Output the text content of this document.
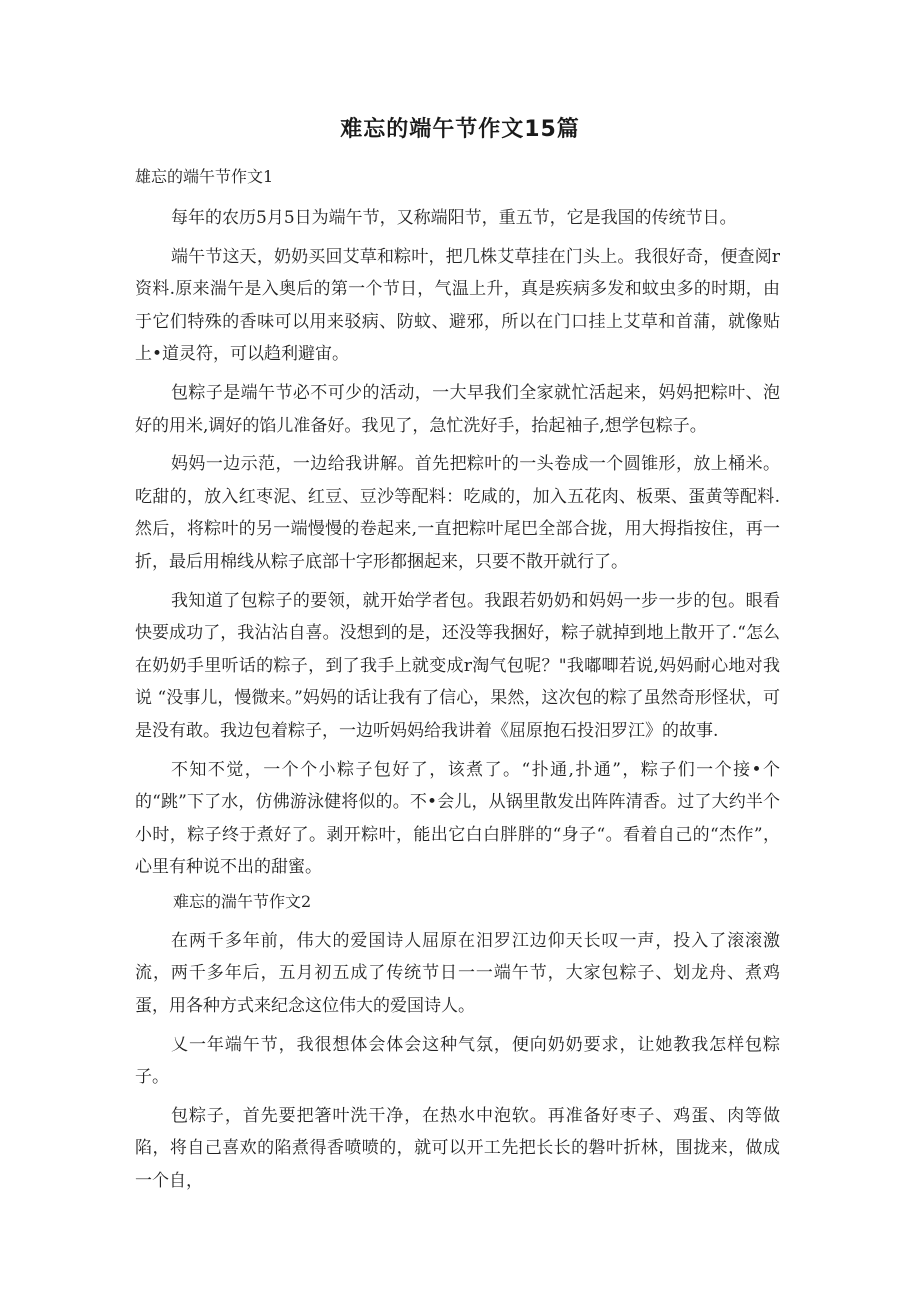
难忘的端午节作文15篇
雄忘的端午节作文1

每年的农历5月5日为端午节，又称端阳节，重五节，它是我国的传统节日。

端午节这天，奶奶买回艾草和粽叶，把几株艾草挂在门头上。我很好奇，便查阅r资料.原来湍午是入奥后的第一个节日，气温上升，真是疾病多发和蚊虫多的时期，由于它们特殊的香味可以用来驳病、防蚊、避邪，所以在门口挂上艾草和首蒲，就像贴上•道灵符，可以趋利避宙。

包粽子是端午节必不可少的活动，一大早我们全家就忙活起来，妈妈把粽叶、泡好的用米,调好的馅儿准备好。我见了，急忙洗好手，抬起袖子,想学包粽子。

妈妈一边示范，一边给我讲解。首先把粽叶的一头卷成一个圆锥形，放上桶米。吃甜的，放入红枣泥、红豆、豆沙等配料：吃咸的，加入五花肉、板栗、蛋黄等配料.然后，将粽叶的另一端慢慢的卷起来,一直把粽叶尾巴全部合拢，用大拇指按住，再一折，最后用棉线从粽子底部十字形都捆起来，只要不散开就行了。

我知道了包粽子的要领，就开始学者包。我跟若奶奶和妈妈一步一步的包。眼看快要成功了，我沾沾自喜。没想到的是，还没等我捆好，粽子就掉到地上散开了.“怎么在奶奶手里听话的粽子，到了我手上就变成r淘气包呢？"我嘟唧若说,妈妈耐心地对我说 “没事儿，慢微来。”妈妈的话让我有了信心，果然，这次包的粽了虽然奇形怪状，可是没有敢。我边包着粽子，一边听妈妈给我讲着《屈原抱石投汨罗江》的故事.

不知不觉，一个个小粽子包好了，该煮了。“扑通,扑通”，粽子们一个接•个的“跳”下了水，仿佛游泳健将似的。不•会儿，从锅里散发出阵阵清香。过了大约半个小时，粽子终于煮好了。剥开粽叶，能出它白白胖胖的“身子“。看着自己的“杰作”，心里有种说不出的甜蜜。

难忘的湍午节作文2

在两千多年前，伟大的爱国诗人屈原在汨罗江边仰天长叹一声，投入了滚滚激流，两千多年后，五月初五成了传统节日一一端午节，大家包粽子、划龙舟、煮鸡蛋，用各种方式来纪念这位伟大的爱国诗人。

乂一年端午节，我很想体会体会这种气氛，便向奶奶要求，让她教我怎样包粽子。

包粽子，首先要把箸叶洗干净，在热水中泡软。再准备好枣子、鸡蛋、肉等做陷，将自己喜欢的陷煮得香喷喷的，就可以开工先把长长的磐叶折林，围拢来，做成一个自，
